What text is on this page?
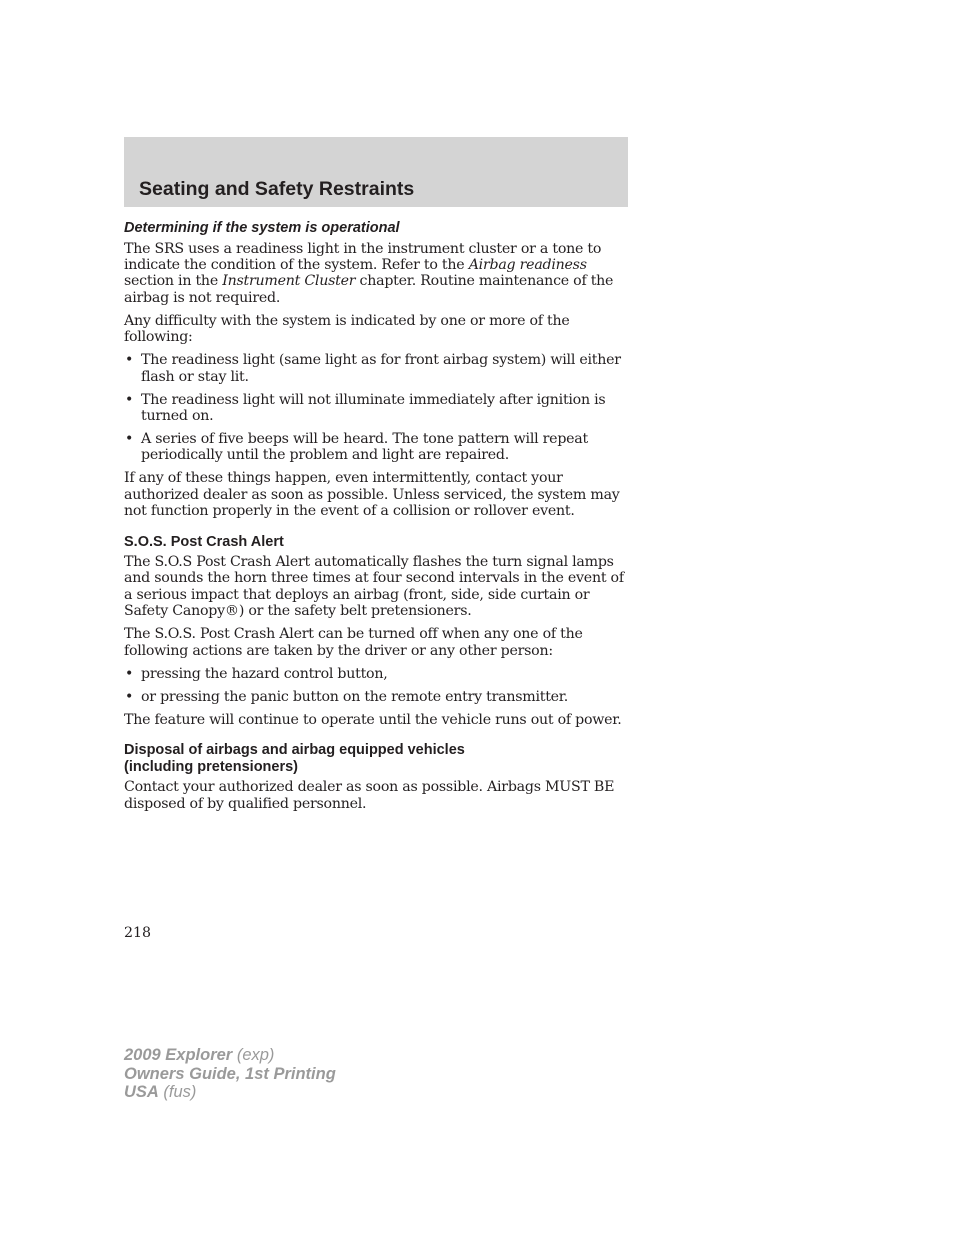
Seating and Safety Restraints
Determining if the system is operational

The SRS uses a readiness light in the instrument cluster or a tone to indicate the condition of the system. Refer to the Airbag readiness section in the Instrument Cluster chapter. Routine maintenance of the airbag is not required.

Any difficulty with the system is indicated by one or more of the following:

• The readiness light (same light as for front airbag system) will either flash or stay lit.
• The readiness light will not illuminate immediately after ignition is turned on.
• A series of five beeps will be heard. The tone pattern will repeat periodically until the problem and light are repaired.

If any of these things happen, even intermittently, contact your authorized dealer as soon as possible. Unless serviced, the system may not function properly in the event of a collision or rollover event.

S.O.S. Post Crash Alert

The S.O.S Post Crash Alert automatically flashes the turn signal lamps and sounds the horn three times at four second intervals in the event of a serious impact that deploys an airbag (front, side, side curtain or Safety Canopy®) or the safety belt pretensioners.

The S.O.S. Post Crash Alert can be turned off when any one of the following actions are taken by the driver or any other person:

• pressing the hazard control button,
• or pressing the panic button on the remote entry transmitter.

The feature will continue to operate until the vehicle runs out of power.

Disposal of airbags and airbag equipped vehicles
(including pretensioners)

Contact your authorized dealer as soon as possible. Airbags MUST BE disposed of by qualified personnel.

218
2009 Explorer (exp)
Owners Guide, 1st Printing
USA (fus)
